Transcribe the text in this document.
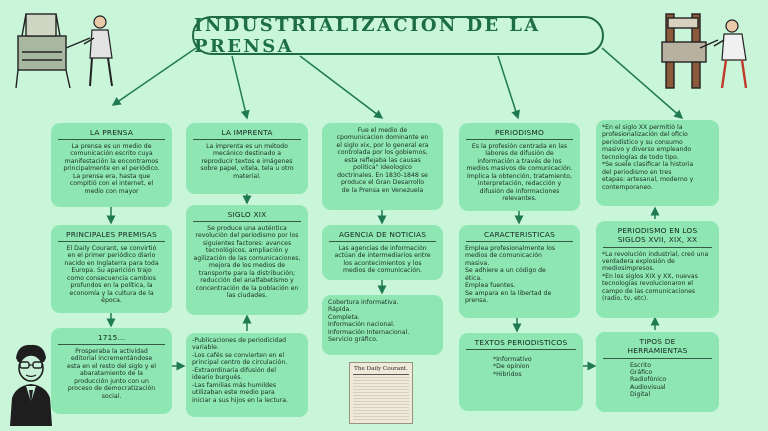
INDUSTRIALIZACION DE LA PRENSA
LA PRENSA
La prensa es un medio de
comunicación escrito cuya
manifestación la encontramos
principalmente en el periódico.
La prensa era, hasta que
compitió con el internet, el
medio con mayor
PRINCIPALES PREMISAS
El Daily Courant, se convirtió
en el primer periódico diario
nacido en Inglaterra para toda
Europa. Su aparición trajo
como consecuencia cambios
profundos en la política, la
economía y la cultura de la
época.
1715...
Prosperaba la actividad
editorial incrementándose
esta en el resto del siglo y el
abaratamiento de la
producción junto con un
proceso de democratización
social.
LA IMPRENTA
La imprenta es un método
mecánico destinado a
reproducir textos e imágenes
sobre papel, vitela, tela u otro
material.
SIGLO XIX
Se produce una auténtica
revolución del periodismo por los
siguientes factores: avances
tecnológicos, ampliación y
agilización de las comunicaciones,
mejora de los medios de
transporte para la distribución;
reducción del analfabetismo y
concentración de la población en
las ciudades.
-Publicaciones de periodicidad
variable.
-Los cafés se convierten en el
principal centro de circulación.
-Extraordinaria difusión del
ideario burgués.
-Las familias más humildes
utilizaban este medio para
iniciar a sus hijos en la lectura.
Fue el medio de
cpomunicacion dominante en
el siglo xix, por lo general era
controlada por los gobiernos,
esta reflejaba las causas
politica" ideologico
doctrinales. En 1830-1848 se
produce el Gran Desarrollo
de la Prensa en Venezuela
AGENCIA DE NOTICIAS
Las agencias de información
actúan de intermediarios entre
los acontecimientos y los
medios de comunicación.
Cobertura informativa.
Rápida.
Completa.
Información nacional.
Información Internacional.
Servicio gráfico.
The Daily Courant.
PERIODISMO
Es la profesión centrada en las
labores de difusión de
información a través de los
medios masivos de comunicación.
Implica la obtención, tratamiento,
interpretación, redacción y
difusión de informaciones
relevantes.
CARACTERISTICAS
Emplea profesionalmente los
medios de comunicación
masiva.
Se adhiere a un código de
ética.
Emplea fuentes.
Se ampara en la libertad de
prensa.
TEXTOS PERIODISTICOS
*Informativo
*De opinion
*Hibridos
*En el siglo XX permitió la
profesionalización del oficio
periodístico y su consumo
masivo y diverso empleando
tecnologías de todo tipo.
*Se suele clasificar la historia
del periodismo en tres
etapas: artesanal, moderno y
contemporaneo.
PERIODISMO EN LOS
SIGLOS XVII, XIX, XX
*La revolución industrial, creó una
verdadera explosión de
mediosimpresos.
*En los siglos XIX y XX, nuevas
tecnologías revolucionaron el
campo de las comunicaciones
(radio, tv, etc).
TIPOS DE
HERRAMIENTAS
Escrito
Gráfico
Radiofónico
Audiovisual
Digital
